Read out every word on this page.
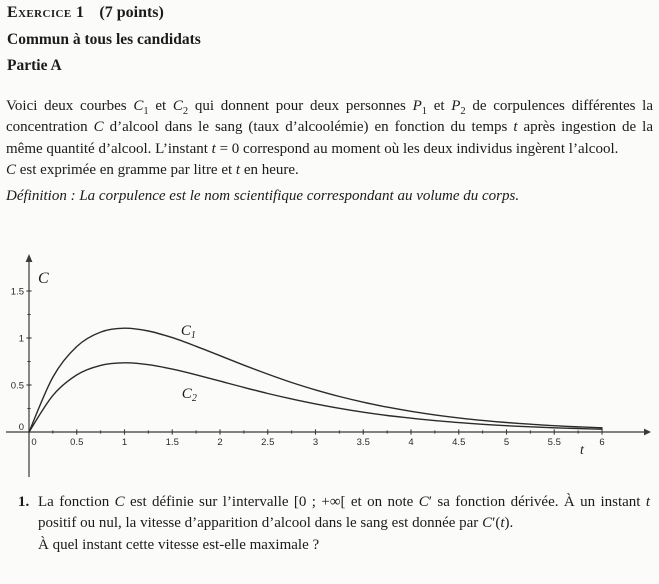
Exercice 1 (7 points)
Commun à tous les candidats
Partie A
Voici deux courbes $C_1$ et $C_2$ qui donnent pour deux personnes $P_1$ et $P_2$ de corpulences différentes la concentration C d’alcool dans le sang (taux d’alcoolémie) en fonction du temps t après ingestion de la même quantité d’alcool. L’instant t = 0 correspond au moment où les deux individus ingèrent l’alcool.
C est exprimée en gramme par litre et t en heure.
Définition : La corpulence est le nom scientifique correspondant au volume du corps.
0	0.5	1	1.5	2	2.5	3	3.5	4	4.5	5	5.5	6
t
0
0.5
1
1.5
C
$C_1$
$C_2$
1. La fonction C est définie sur l’intervalle [0 ; +∞[ et on note C′ sa fonction dérivée. À un instant t positif ou nul, la vitesse d’apparition d’alcool dans le sang est donnée par C′(t).
À quel instant cette vitesse est-elle maximale ?
